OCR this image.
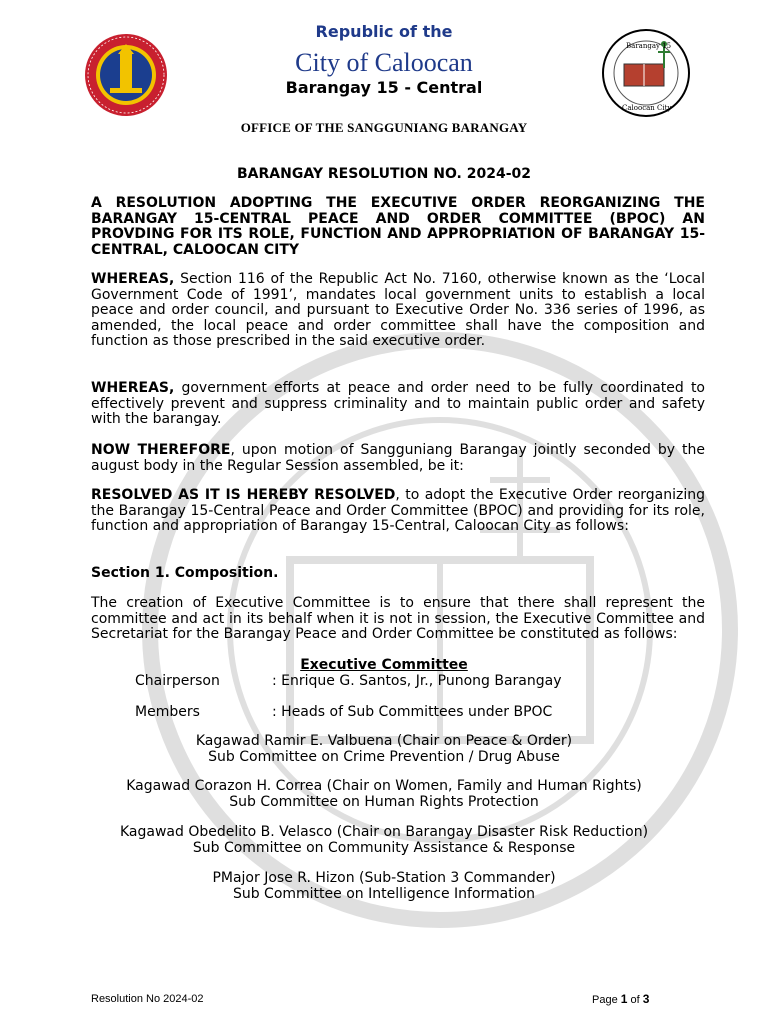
Barangay 15
Caloocan City
Republic of the
City of Caloocan
Barangay 15 - Central
OFFICE OF THE SANGGUNIANG BARANGAY
BARANGAY RESOLUTION NO. 2024-02
A RESOLUTION ADOPTING THE EXECUTIVE ORDER REORGANIZING THE BARANGAY 15-CENTRAL PEACE AND ORDER COMMITTEE (BPOC) AN PROVDING FOR ITS ROLE, FUNCTION AND APPROPRIATION OF BARANGAY 15-CENTRAL, CALOOCAN CITY
WHEREAS, Section 116 of the Republic Act No. 7160, otherwise known as the ‘Local Government Code of 1991’, mandates local government units to establish a local peace and order council, and pursuant to Executive Order No. 336 series of 1996, as amended, the local peace and order committee shall have the composition and function as those prescribed in the said executive order.
WHEREAS, government efforts at peace and order need to be fully coordinated to effectively prevent and suppress criminality and to maintain public order and safety with the barangay.
NOW THEREFORE, upon motion of Sangguniang Barangay jointly seconded by the august body in the Regular Session assembled, be it:
RESOLVED AS IT IS HEREBY RESOLVED, to adopt the Executive Order reorganizing the Barangay 15-Central Peace and Order Committee (BPOC) and providing for its role, function and appropriation of Barangay 15-Central, Caloocan City as follows:
Section 1. Composition.
The creation of Executive Committee is to ensure that there shall represent the committee and act in its behalf when it is not in session, the Executive Committee and Secretariat for the Barangay Peace and Order Committee be constituted as follows:
Executive Committee
Chairperson	: Enrique G. Santos, Jr., Punong Barangay
Members	: Heads of Sub Committees under BPOC
Kagawad Ramir E. Valbuena (Chair on Peace & Order)
Sub Committee on Crime Prevention / Drug Abuse
Kagawad Corazon H. Correa (Chair on Women, Family and Human Rights)
Sub Committee on Human Rights Protection
Kagawad Obedelito B. Velasco (Chair on Barangay Disaster Risk Reduction)
Sub Committee on Community Assistance & Response
PMajor Jose R. Hizon (Sub-Station 3 Commander)
Sub Committee on Intelligence Information
Resolution No 2024-02	Page 1 of 3
